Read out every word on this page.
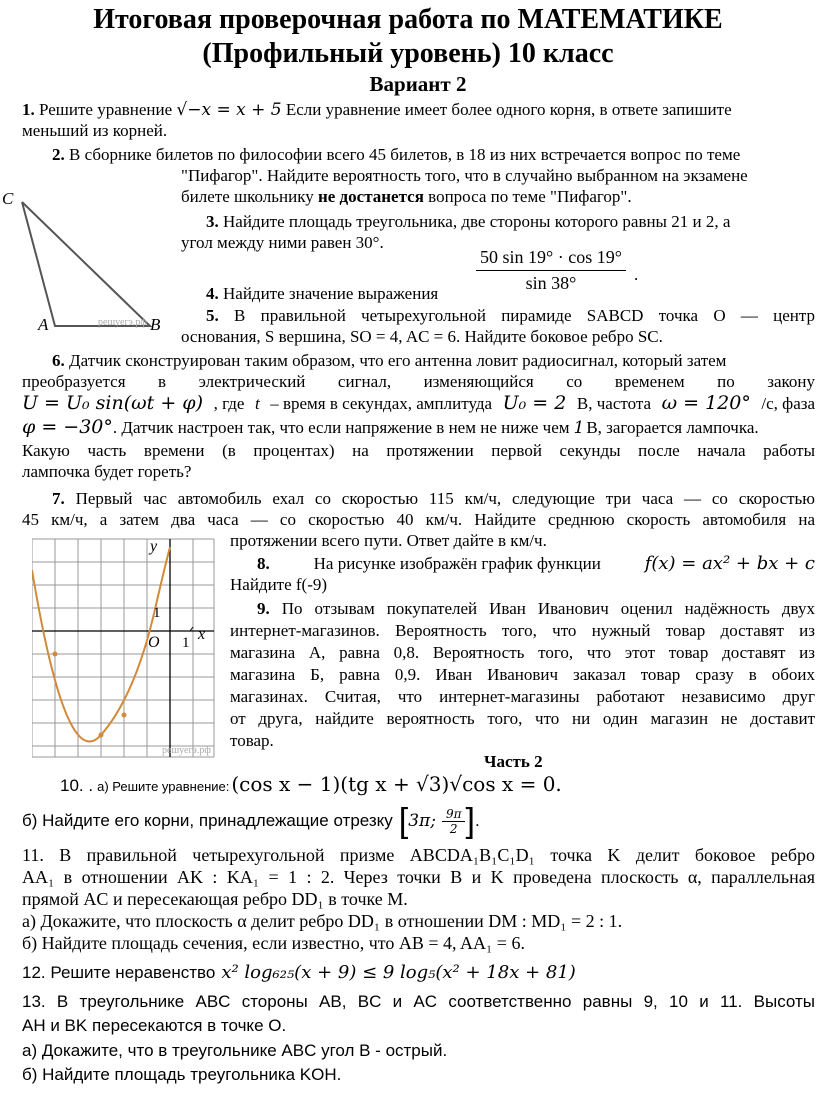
Итоговая проверочная работа по МАТЕМАТИКЕ
(Профильный уровень) 10 класс
Вариант 2
1. Решите уравнение √−x = x + 5 Если уравнение имеет более одного корня, в ответе запишите
меньший из корней.
2. В сборнике билетов по философии всего 45 билетов, в 18 из них встречается вопрос по теме
"Пифагор". Найдите вероятность того, что в случайно выбранном на экзамене
билете школьнику не достанется вопроса по теме "Пифагор".
C
A	B
решуегэ.рф
3. Найдите площадь треугольника, две стороны которого равны 21 и 2, а
угол между ними равен 30°.
4. Найдите значение выражения $\frac{50 \sin 19^\circ \cdot \cos 19^\circ}{\sin 38^\circ}$ .
5. В правильной четырехугольной пирамиде SABCD точка O — центр
основания, S вершина, SO = 4, AC = 6. Найдите боковое ребро SC.
6. Датчик сконструирован таким образом, что его антенна ловит радиосигнал, который затем
преобразуется в электрический сигнал, изменяющийся со временем по закону
U = U₀ sin(ωt + φ) , где t – время в секундах, амплитуда U₀ = 2 В, частота ω = 120° /с, фаза
φ = −30° . Датчик настроен так, что если напряжение в нем не ниже чем 1 В, загорается лампочка.
Какую часть времени (в процентах) на протяжении первой секунды после начала работы
лампочка будет гореть?
7. Первый час автомобиль ехал со скоростью 115 км/ч, следующие три часа — со скоростью
45 км/ч, а затем два часа — со скоростью 40 км/ч. Найдите среднюю скорость автомобиля на
протяжении всего пути. Ответ дайте в км/ч.
y
x
O
1
1
решуегэ.рф
8.	На рисунке изображён график функции f(x) = ax² + bx + c
Найдите f(-9)
9. По отзывам покупателей Иван Иванович оценил надёжность двух
интернет-магазинов. Вероятность того, что нужный товар доставят из
магазина А, равна 0,8. Вероятность того, что этот товар доставят из
магазина Б, равна 0,9. Иван Иванович заказал товар сразу в обоих
магазинах. Считая, что интернет-магазины работают независимо друг
от друга, найдите вероятность того, что ни один магазин не доставит
товар.
Часть 2
10. . а) Решите уравнение: (cos x − 1)(tg x + √3)√cos x = 0.
б) Найдите его корни, принадлежащие отрезку [ 3π; $\frac{9\pi}{2}$ ] .
11. В правильной четырехугольной призме ABCDA₁B₁C₁D₁ точка K делит боковое ребро
AA₁ в отношении AK : KA₁ = 1 : 2. Через точки B и K проведена плоскость α, параллельная
прямой AC и пересекающая ребро DD₁ в точке M.
а) Докажите, что плоскость α делит ребро DD₁ в отношении DM : MD₁ = 2 : 1.
б) Найдите площадь сечения, если известно, что AB = 4, AA₁ = 6.
12. Решите неравенство x² log₆₂₅(x + 9) ≤ 9 log₅(x² + 18x + 81)
13. В треугольнике ABC стороны AB, BC и AC соответственно равны 9, 10 и 11. Высоты
AH и BK пересекаются в точке O.
а) Докажите, что в треугольнике ABC угол B - острый.
б) Найдите площадь треугольника KOH.
